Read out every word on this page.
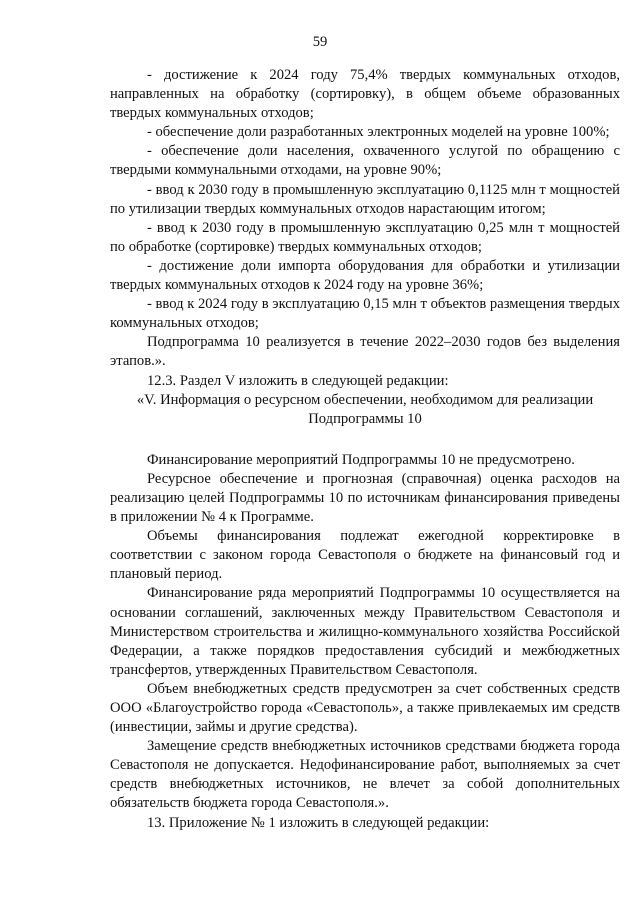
59

- достижение к 2024 году 75,4% твердых коммунальных отходов, направленных на обработку (сортировку), в общем объеме образованных твердых коммунальных отходов;

- обеспечение доли разработанных электронных моделей на уровне 100%;

- обеспечение доли населения, охваченного услугой по обращению с твердыми коммунальными отходами, на уровне 90%;

- ввод к 2030 году в промышленную эксплуатацию 0,1125 млн т мощностей по утилизации твердых коммунальных отходов нарастающим итогом;

- ввод к 2030 году в промышленную эксплуатацию 0,25 млн т мощностей по обработке (сортировке) твердых коммунальных отходов;

- достижение доли импорта оборудования для обработки и утилизации твердых коммунальных отходов к 2024 году на уровне 36%;

- ввод к 2024 году в эксплуатацию 0,15 млн т объектов размещения твердых коммунальных отходов;

Подпрограмма 10 реализуется в течение 2022–2030 годов без выделения этапов.».

12.3. Раздел V изложить в следующей редакции:

«V. Информация о ресурсном обеспечении, необходимом для реализации Подпрограммы 10

Финансирование мероприятий Подпрограммы 10 не предусмотрено.

Ресурсное обеспечение и прогнозная (справочная) оценка расходов на реализацию целей Подпрограммы 10 по источникам финансирования приведены в приложении № 4 к Программе.

Объемы финансирования подлежат ежегодной корректировке в соответствии с законом города Севастополя о бюджете на финансовый год и плановый период.

Финансирование ряда мероприятий Подпрограммы 10 осуществляется на основании соглашений, заключенных между Правительством Севастополя и Министерством строительства и жилищно-коммунального хозяйства Российской Федерации, а также порядков предоставления субсидий и межбюджетных трансфертов, утвержденных Правительством Севастополя.

Объем внебюджетных средств предусмотрен за счет собственных средств ООО «Благоустройство города «Севастополь», а также привлекаемых им средств (инвестиции, займы и другие средства).

Замещение средств внебюджетных источников средствами бюджета города Севастополя не допускается. Недофинансирование работ, выполняемых за счет средств внебюджетных источников, не влечет за собой дополнительных обязательств бюджета города Севастополя.».

13. Приложение № 1 изложить в следующей редакции:
